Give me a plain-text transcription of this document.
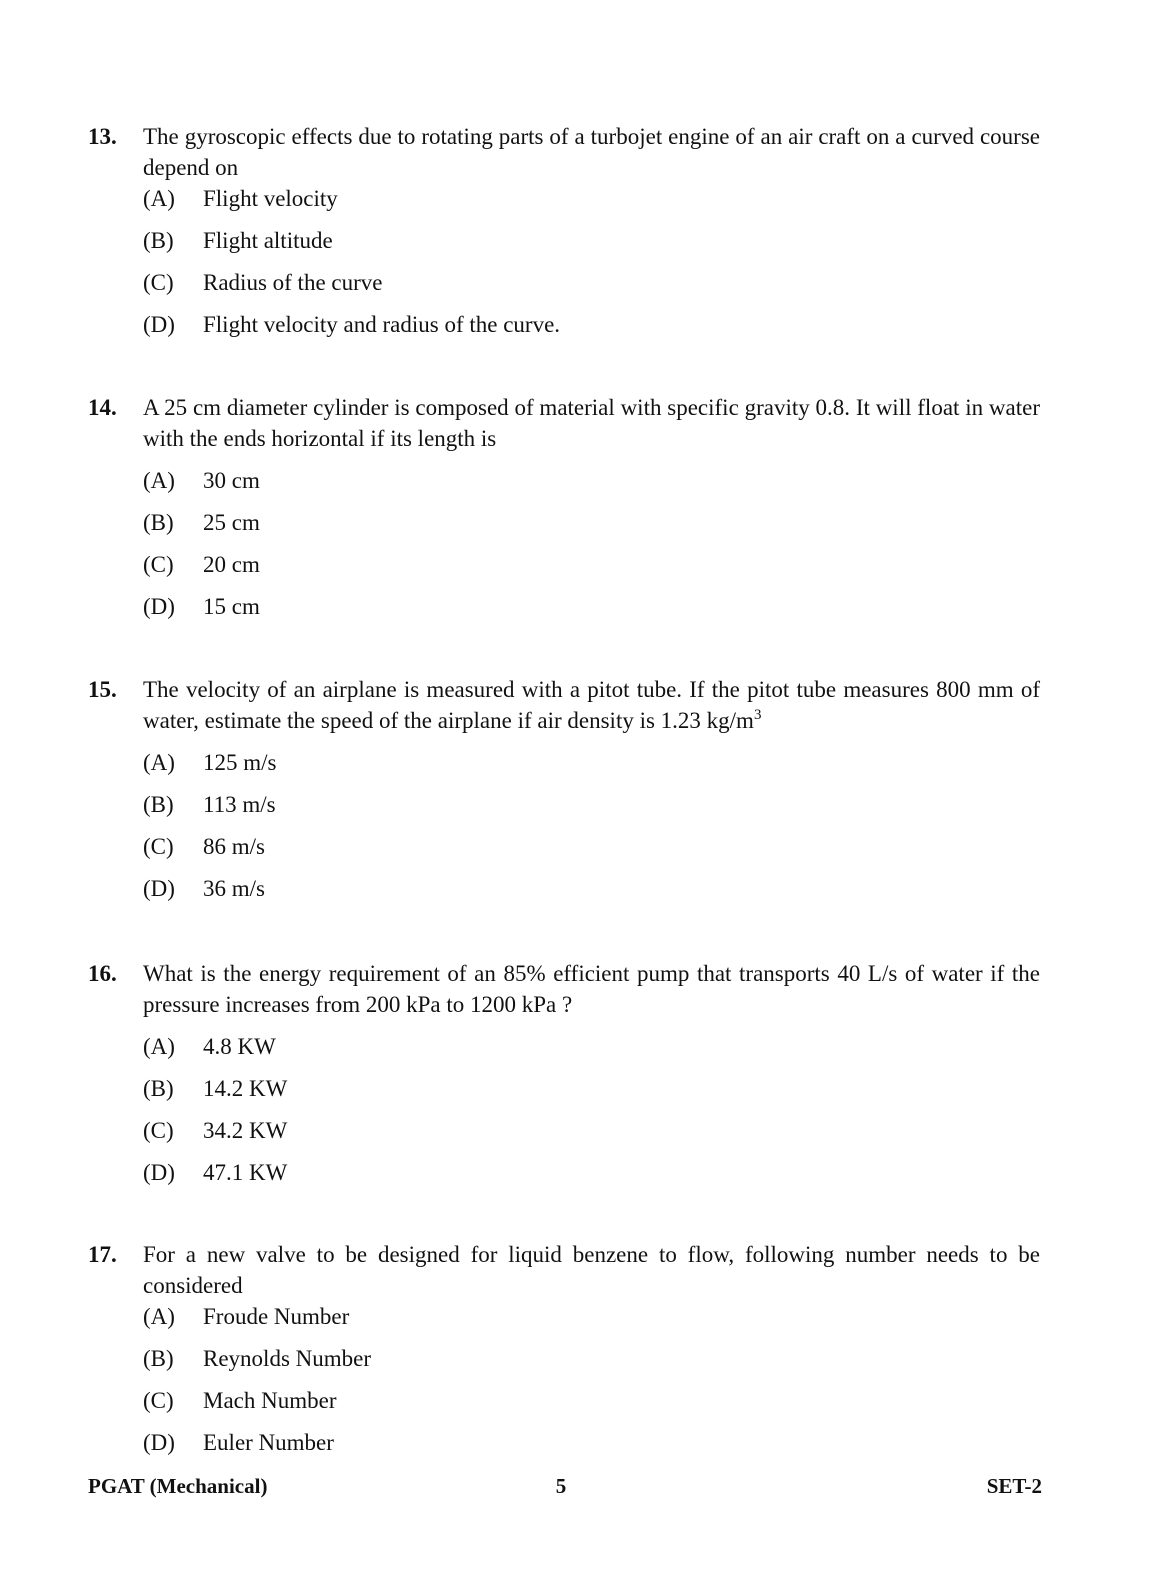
13. The gyroscopic effects due to rotating parts of a turbojet engine of an air craft on a curved course depend on
(A)	Flight velocity
(B)	Flight altitude
(C)	Radius of the curve
(D)	Flight velocity and radius of the curve.
14. A 25 cm diameter cylinder is composed of material with specific gravity 0.8. It will float in water with the ends horizontal if its length is
(A)	30 cm
(B)	25 cm
(C)	20 cm
(D)	15 cm
15. The velocity of an airplane is measured with a pitot tube. If the pitot tube measures 800 mm of water, estimate the speed of the airplane if air density is 1.23 $kg/m^3$
(A)	125 m/s
(B)	113 m/s
(C)	86 m/s
(D)	36 m/s
16. What is the energy requirement of an 85% efficient pump that transports 40 L/s of water if the pressure increases from 200 kPa to 1200 kPa ?
(A)	4.8 KW
(B)	14.2 KW
(C)	34.2 KW
(D)	47.1 KW
17. For a new valve to be designed for liquid benzene to flow, following number needs to be considered
(A)	Froude Number
(B)	Reynolds Number
(C)	Mach Number
(D)	Euler Number
PGAT (Mechanical)	5	SET-2
